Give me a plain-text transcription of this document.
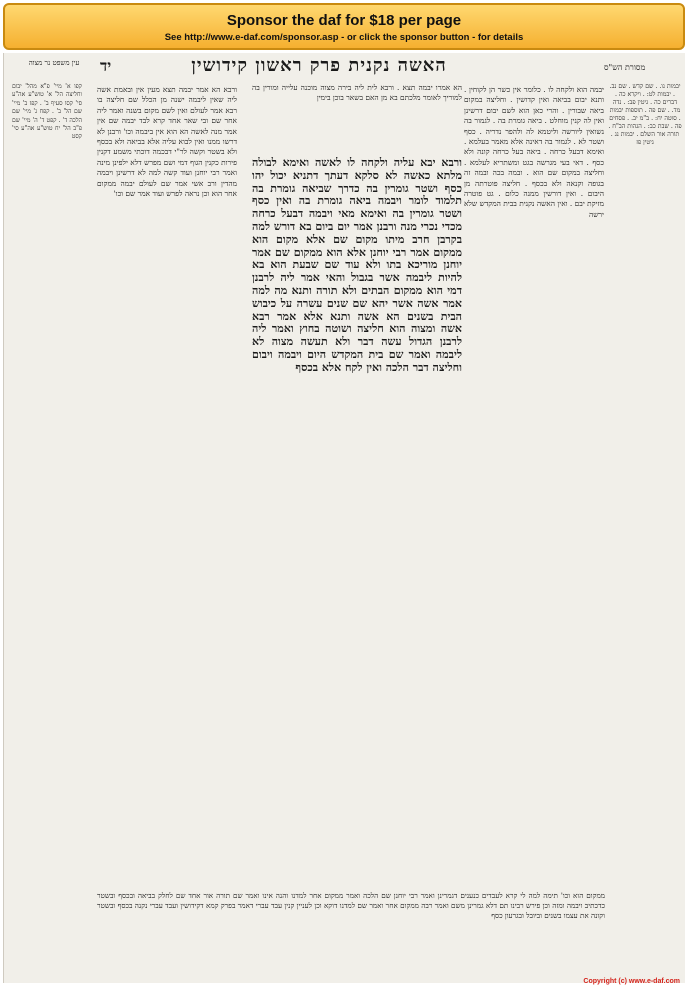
Sponsor the daf for $18 per page
See http://www.e-daf.com/sponsor.asp - or click the sponsor button - for details
עין משפט נר מצוה	יד	האשה נקנית פרק ראשון קידושין	מסורת הש"ס
קפו א' מיי' פ"א מהל' יבום וחליצה הל' א' טוש"ע אה"ע סי' קסו סעיף ב' . קפז ב' מיי' שם הל' ב' . קפח ג' מיי' שם הלכה ד' . קפט ד' ה' מיי' שם פ"ב הל' יח טוש"ע אה"ע סי' קסט
ורבא הא אמר יבמה תצא מעין אין ובאמת אשה ליה שאין ליבמה ישנה מן הכלל שם חליצה בו רבא אמר לעולם ואין לשם מקום בשנה ואמר ליה אחר שם ובי שאר אחד קרא לבד יבמה שם אין אמר מנה לאשה הא הוא אין ביבמה וכו' ורבנן לא דרשו ממנו ואין לבוא עליה אלא בביאה ולא בכסף ולא בשטר וקשה לר"י דבכמה דוכתי משמע דקנין פירות כקנין הגוף דמי ושם מפרש דלא ילפינן מינה ואמר רבי יוחנן ועוד קשה למה לא דרשינן ויבמה מהדין ורב אשי אמר שם לעולם יבמה ממקום אחר הוא וכן נראה לפרש ועוד אמר שם וכו'
הא אמרו יבמה תצא . ורבא לית ליה בירה מצוה מוכנה עלייה ומורין בה למוריך לאומר מלכתם בא מן האם בשאר בוכן בימין
ורבא יבא עליה ולקחה לו לאשה ואימא לבולה מלתא כאשה לא סלקא דעתך דתניא יכול יהו כסף ושטר גומרין בה כדרך שביאה גומרת בה תלמוד לומר ויבמה ביאה גומרת בה ואין כסף ושטר גומרין בה ואימא מאי ויבמה דבעל כרחה מכדי נכרי מנה ורבנן אמר יום ביום בא דורש למה בקרבן חרב מיתו מקום שם אלא מקום הוא ממקום אמר רבי יוחנן אלא הוא ממקום שם אמר יוחנן מוריכא בתו ולא עוד שם שבעת הוא בא להיות ליבמה אשר בגבול והאי אמר ליה לרבנן דמי הוא ממקום הבתים ולא תורה ותנא מה למה אמר אשה אשר יהא שם שנים עשרה על כיבוש הבית בשנים הא אשה ותנא אלא אמר רבא אשה ומצוה הוא חליצה ושוטה בחוץ ואמר ליה לרבנן הגדול עשה דבר ולא תעשה מצוה לא ליבמה ואמר שם בית המקדש היום ויבמה ויבום וחליצה דבר הלכה ואין לקח אלא בכסף
יבמה הוא ולקחה לו . כלומר אין כשר הן לקוחין . ותנא יבום בביאה ואין קדושין . וחליצה במקום ביאה שבורין . והרי כאן הוא לשם יבום דרשינן ואין לה קנין מוחלט . ביאה גומרת בה . לגמור בה נשואין ליורשה וליטמא לה ולהפר נדריה . כסף ושטר לא . לגמור בה דאינה אלא מאמר בעלמא . ואימא דבעל כרחה . ביאה בעל כרחה קונה ולא כסף . דאי בעי מגרשה בגט ומשתריא לעלמא . וחליצה במקום שם הוא . ובמה בכה ובמה זה בגופה וקנאה ולא בכסף . חליצה פוטרתה מן היבום . ואין דורשין ממנה כלום . גט פוטרה מזיקת יבם . ואין האשה נקנית בבית המקדש שלא ירשה
יבמות נו. . שם קדש . שם נב. . יבמות לט: . ויקרא כה . דברים כה . גיטין פב: . נדה מד. . שם פה . תוספות יבמות . סוטה יח: . ב"מ יב. . פסחים פה . שבת כב: . הגהות הב"ח . תורה אור השלם . יבמות נג . גיטין פז
ממקום הוא וכו' תימה למה לי קרא לעבדים כנענים דגמרינן ואמר רבי יוחנן שם הלכה ואמר ממקום אחר למדנו והנה אינו ואמר שם תורה אור אחד שם לחלק בביאה ובכסף ובשטר כדכתיב ויבמה ומזה וכן פירש רבינו תם דלא גמרינן משם ואמר רבה ממקום אחר ואמר שם למדנו דוקא וכן לעניין קנין עבד עברי דאמר בפרק קמא דקידושין ועבד עברי נקנה בכסף ובשטר וקונה את עצמו בשנים וביובל ובגרעון כסף
Copyright (c) www.e-daf.com
